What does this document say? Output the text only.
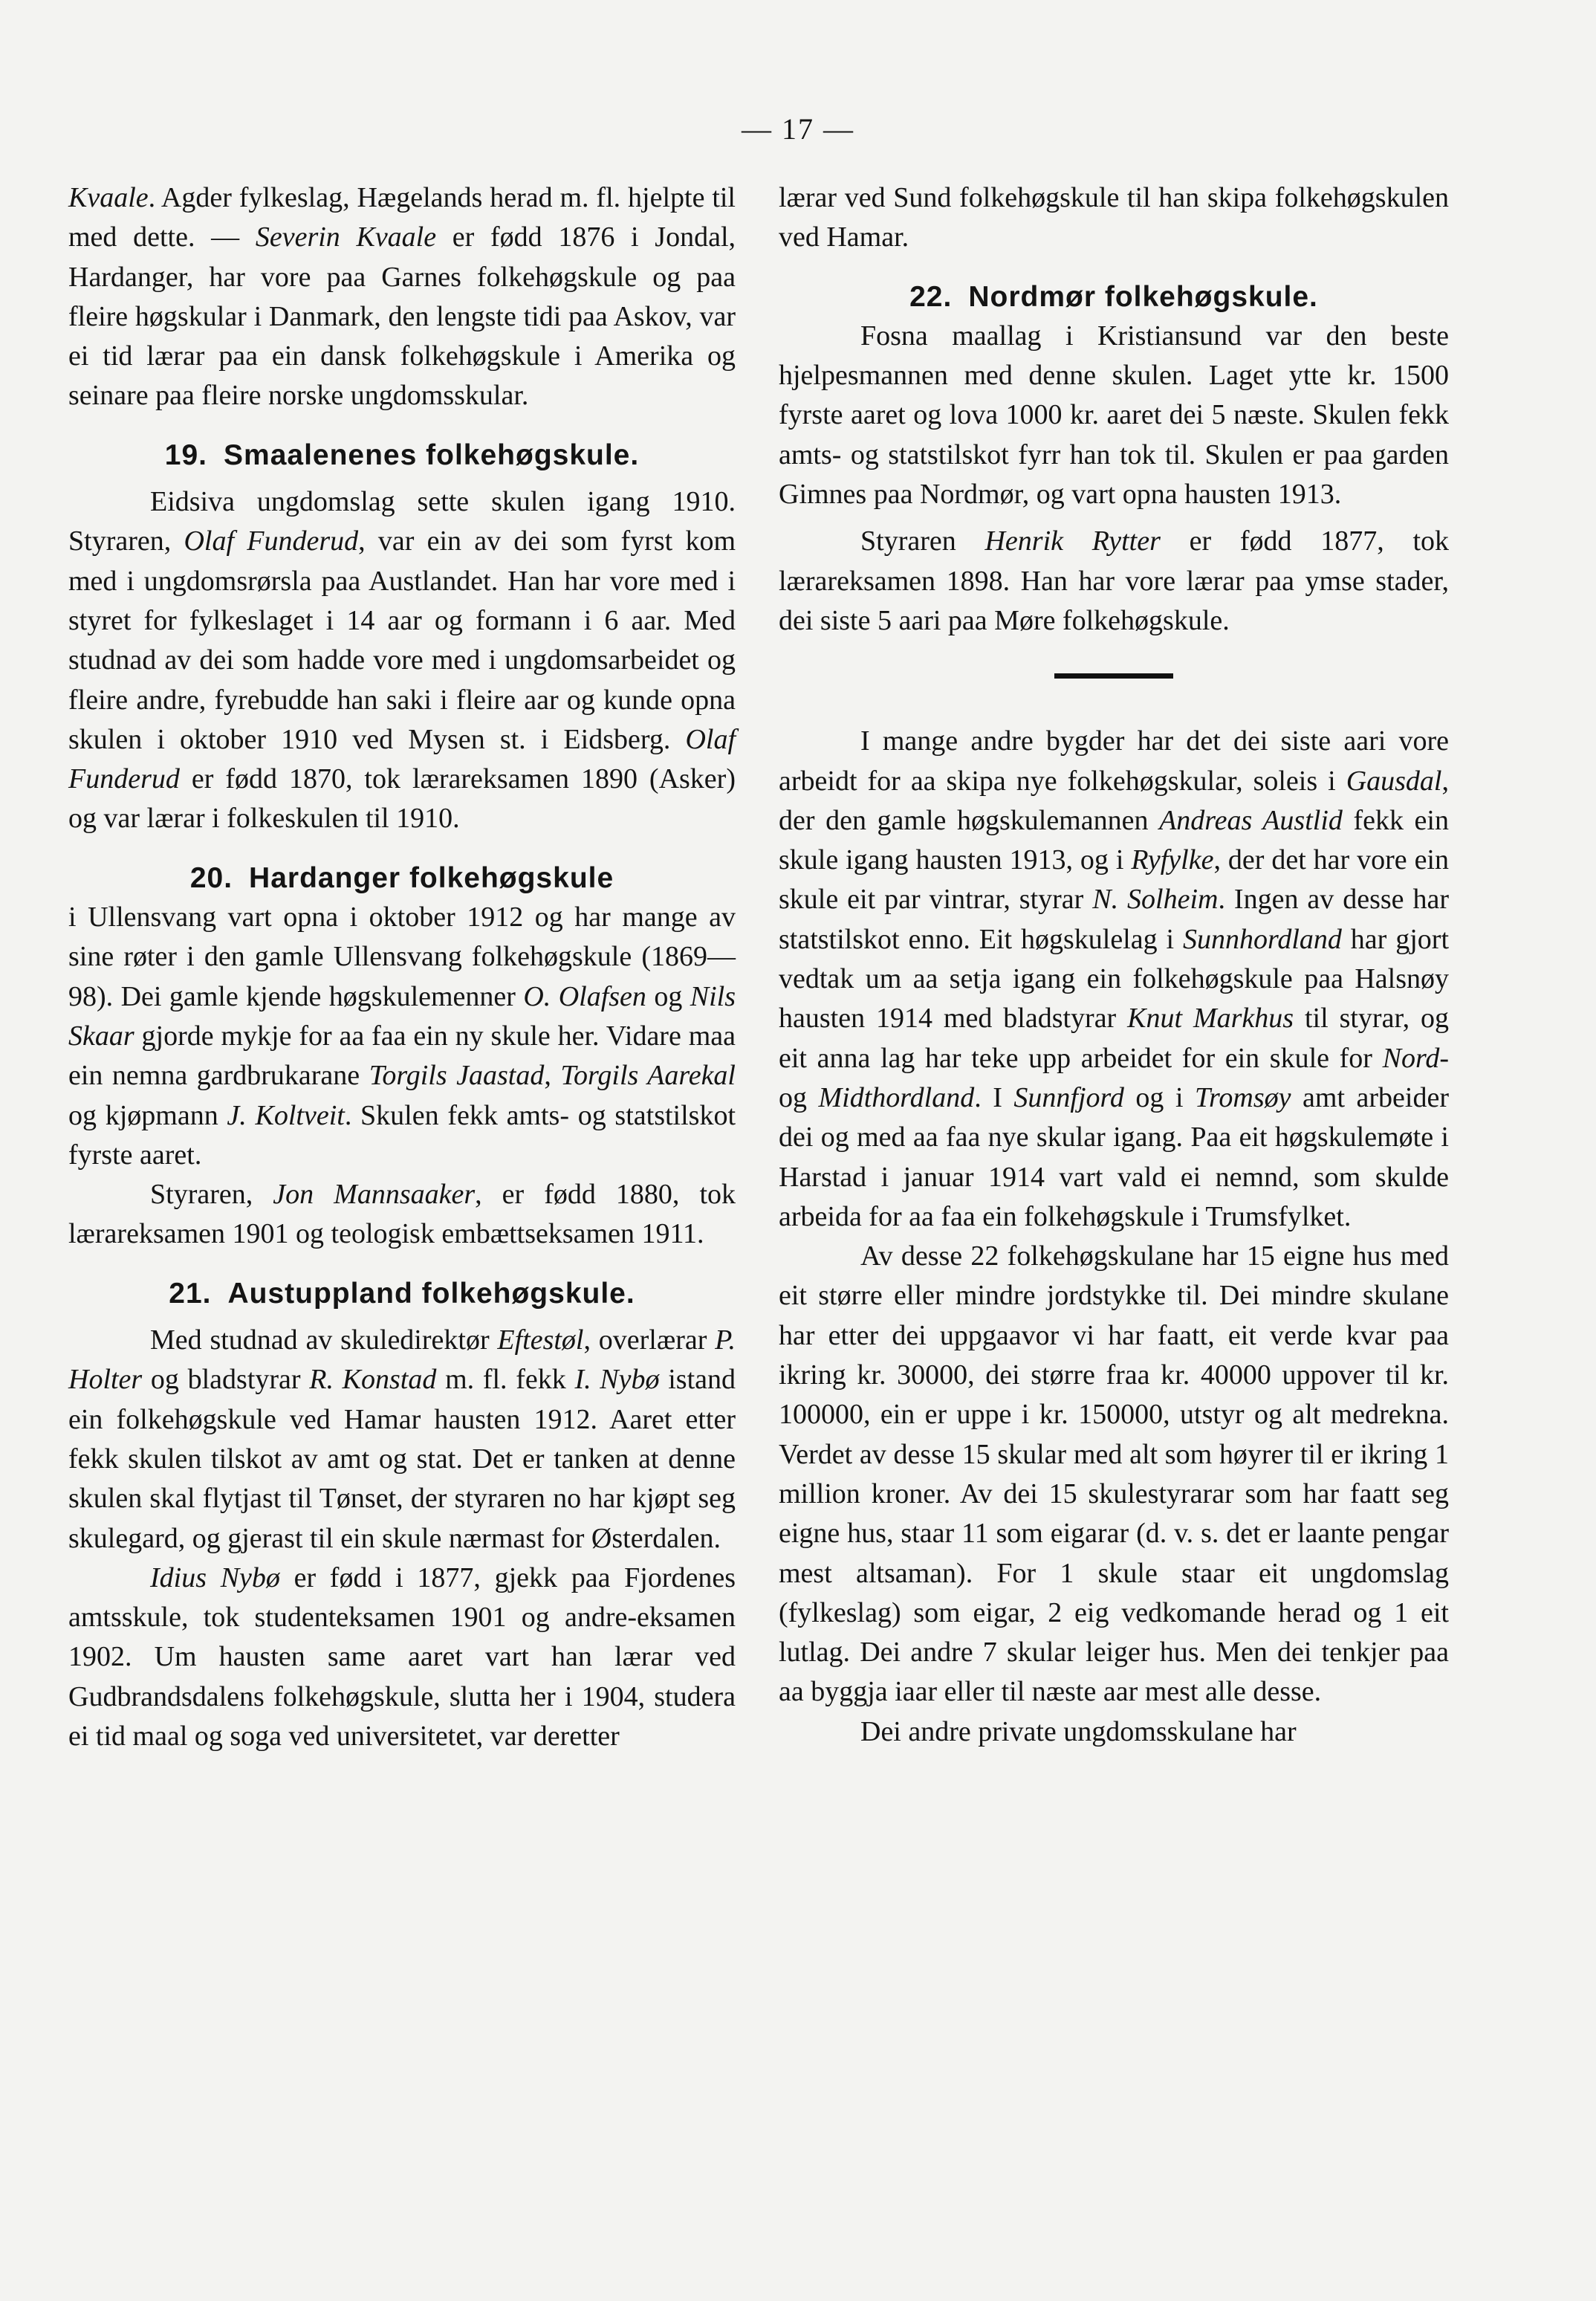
— 17 —

Kvaale. Agder fylkeslag, Hægelands herad m. fl. hjelpte til med dette. — Severin Kvaale er fødd 1876 i Jondal, Hardanger, har vore paa Garnes folkehøgskule og paa fleire høgskular i Danmark, den lengste tidi paa Askov, var ei tid lærar paa ein dansk folkehøgskule i Amerika og seinare paa fleire norske ungdomsskular.

19. Smaalenenes folkehøgskule.

Eidsiva ungdomslag sette skulen igang 1910. Styraren, Olaf Funderud, var ein av dei som fyrst kom med i ungdomsrørsla paa Austlandet. Han har vore med i styret for fylkeslaget i 14 aar og formann i 6 aar. Med studnad av dei som hadde vore med i ungdomsarbeidet og fleire andre, fyrebudde han saki i fleire aar og kunde opna skulen i oktober 1910 ved Mysen st. i Eidsberg. Olaf Funderud er fødd 1870, tok lærareksamen 1890 (Asker) og var lærar i folkeskulen til 1910.

20. Hardanger folkehøgskule

i Ullensvang vart opna i oktober 1912 og har mange av sine røter i den gamle Ullensvang folkehøgskule (1869—98). Dei gamle kjende høgskulemenner O. Olafsen og Nils Skaar gjorde mykje for aa faa ein ny skule her. Vidare maa ein nemna gardbrukarane Torgils Jaastad, Torgils Aarekal og kjøpmann J. Koltveit. Skulen fekk amts- og statstilskot fyrste aaret.

Styraren, Jon Mannsaaker, er fødd 1880, tok lærareksamen 1901 og teologisk embættseksamen 1911.

21. Austuppland folkehøgskule.

Med studnad av skuledirektør Eftestøl, overlærar P. Holter og bladstyrar R. Konstad m. fl. fekk I. Nybø istand ein folkehøgskule ved Hamar hausten 1912. Aaret etter fekk skulen tilskot av amt og stat. Det er tanken at denne skulen skal flytjast til Tønset, der styraren no har kjøpt seg skulegard, og gjerast til ein skule nærmast for Østerdalen.

Idius Nybø er fødd i 1877, gjekk paa Fjordenes amtsskule, tok studenteksamen 1901 og andre-eksamen 1902. Um hausten same aaret vart han lærar ved Gudbrandsdalens folkehøgskule, slutta her i 1904, studera ei tid maal og soga ved universitetet, var deretter

lærar ved Sund folkehøgskule til han skipa folkehøgskulen ved Hamar.

22. Nordmør folkehøgskule.

Fosna maallag i Kristiansund var den beste hjelpesmannen med denne skulen. Laget ytte kr. 1500 fyrste aaret og lova 1000 kr. aaret dei 5 næste. Skulen fekk amts- og statstilskot fyrr han tok til. Skulen er paa garden Gimnes paa Nordmør, og vart opna hausten 1913.

Styraren Henrik Rytter er fødd 1877, tok lærareksamen 1898. Han har vore lærar paa ymse stader, dei siste 5 aari paa Møre folkehøgskule.

I mange andre bygder har det dei siste aari vore arbeidt for aa skipa nye folkehøgskular, soleis i Gausdal, der den gamle høgskulemannen Andreas Austlid fekk ein skule igang hausten 1913, og i Ryfylke, der det har vore ein skule eit par vintrar, styrar N. Solheim. Ingen av desse har statstilskot enno. Eit høgskulelag i Sunnhordland har gjort vedtak um aa setja igang ein folkehøgskule paa Halsnøy hausten 1914 med bladstyrar Knut Markhus til styrar, og eit anna lag har teke upp arbeidet for ein skule for Nord- og Midthordland. I Sunnfjord og i Tromsøy amt arbeider dei og med aa faa nye skular igang. Paa eit høgskulemøte i Harstad i januar 1914 vart vald ei nemnd, som skulde arbeida for aa faa ein folkehøgskule i Trumsfylket.

Av desse 22 folkehøgskulane har 15 eigne hus med eit større eller mindre jordstykke til. Dei mindre skulane har etter dei uppgaavor vi har faatt, eit verde kvar paa ikring kr. 30000, dei større fraa kr. 40000 uppover til kr. 100000, ein er uppe i kr. 150000, utstyr og alt medrekna. Verdet av desse 15 skular med alt som høyrer til er ikring 1 million kroner. Av dei 15 skulestyrarar som har faatt seg eigne hus, staar 11 som eigarar (d. v. s. det er laante pengar mest altsaman). For 1 skule staar eit ungdomslag (fylkeslag) som eigar, 2 eig vedkomande herad og 1 eit lutlag. Dei andre 7 skular leiger hus. Men dei tenkjer paa aa byggja iaar eller til næste aar mest alle desse.

Dei andre private ungdomsskulane har
